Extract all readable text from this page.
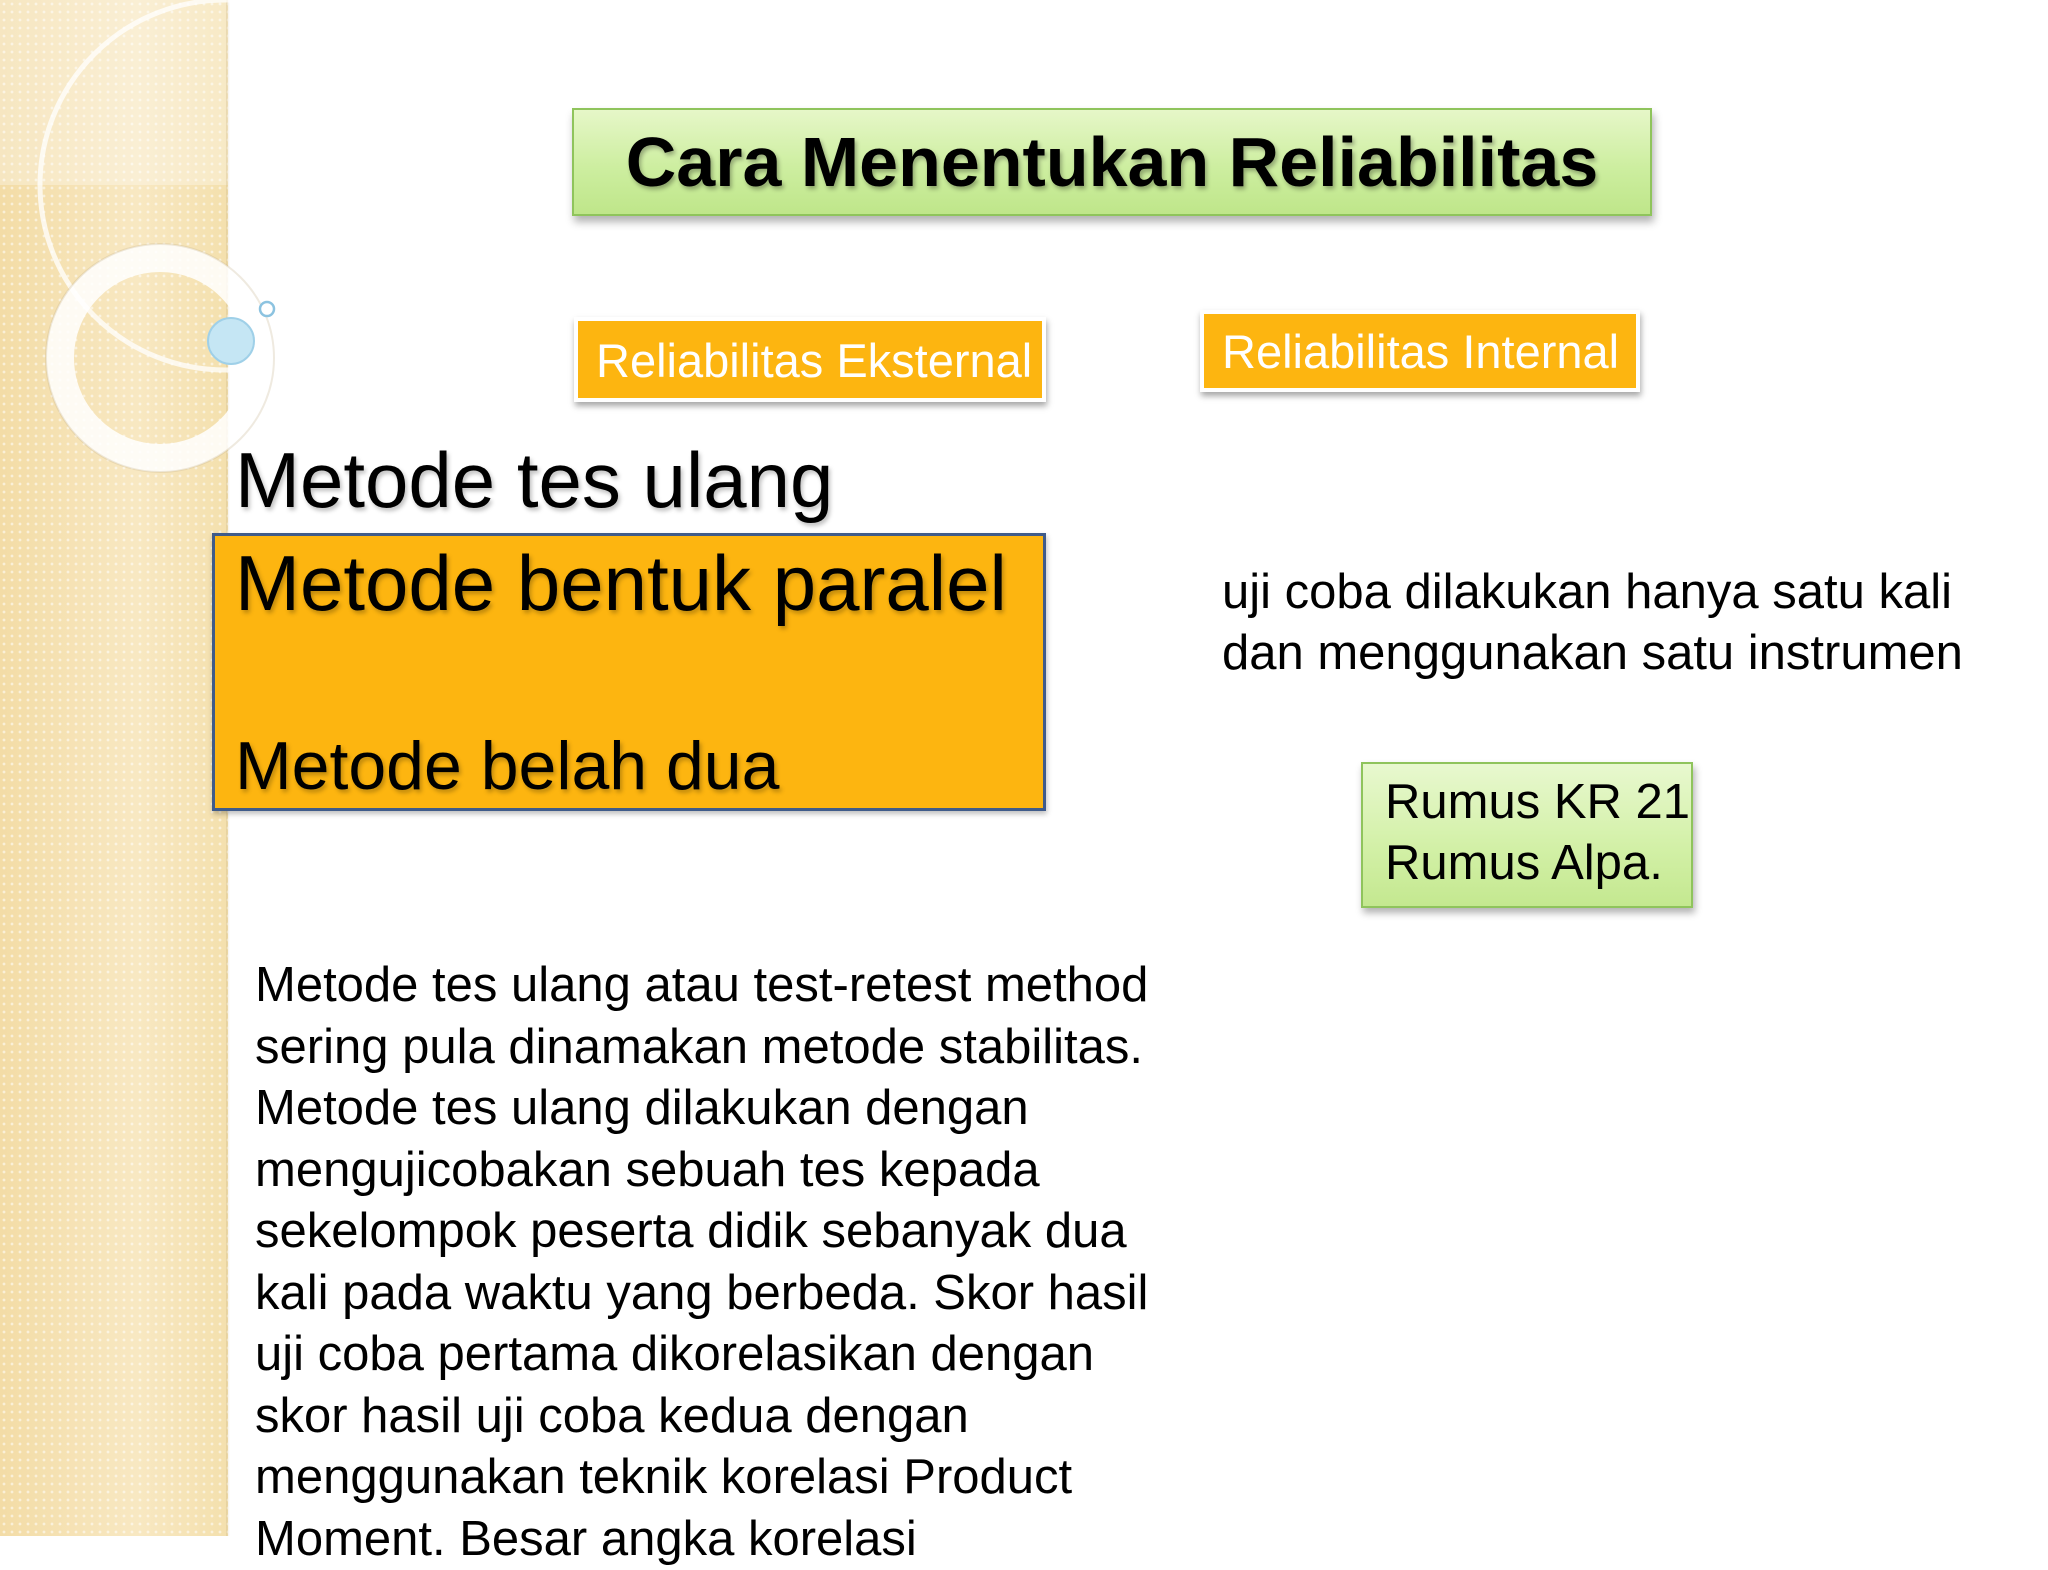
Cara Menentukan Reliabilitas
Reliabilitas Eksternal	Reliabilitas Internal
Metode tes ulang
Metode bentuk paralel
Metode belah dua
uji coba dilakukan hanya satu kali dan menggunakan satu instrumen
Rumus KR 21
Rumus Alpa.
Metode tes ulang atau test-retest method
sering pula dinamakan metode stabilitas.
Metode tes ulang dilakukan dengan
mengujicobakan sebuah tes kepada
sekelompok peserta didik sebanyak dua
kali pada waktu yang berbeda. Skor hasil
uji coba pertama dikorelasikan dengan
skor hasil uji coba kedua dengan
menggunakan teknik korelasi Product
Moment. Besar angka korelasi
